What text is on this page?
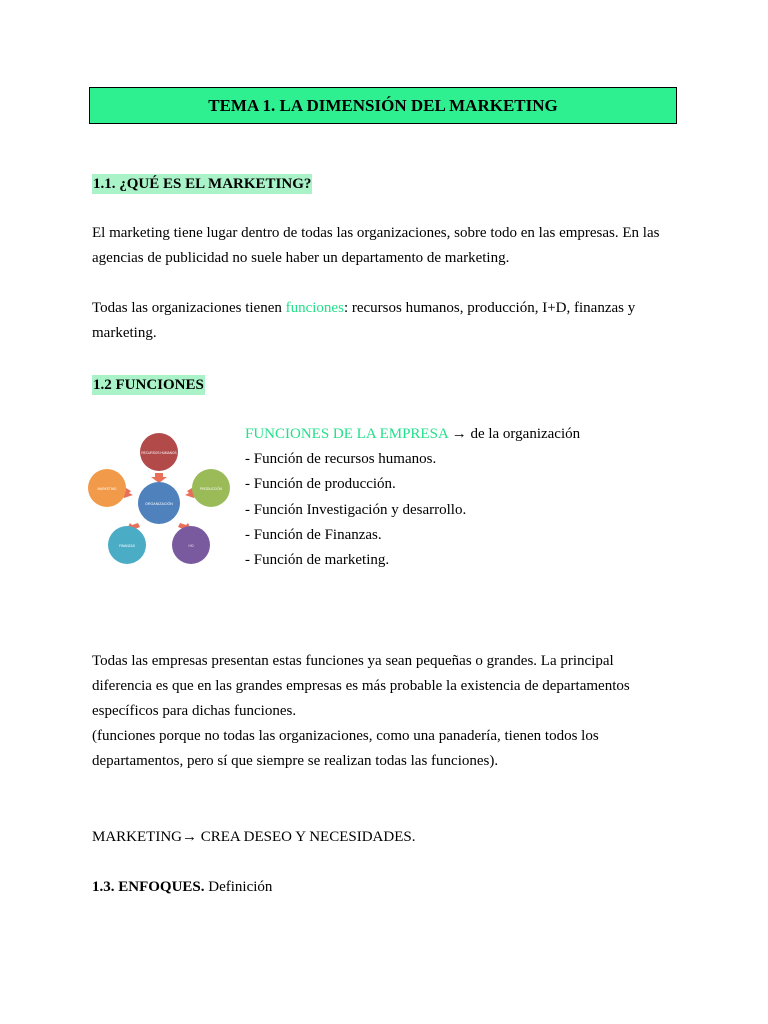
TEMA 1. LA DIMENSIÓN DEL MARKETING
1.1. ¿QUÉ ES EL MARKETING?

El marketing tiene lugar dentro de todas las organizaciones, sobre todo en las empresas. En las agencias de publicidad no suele haber un departamento de marketing.

Todas las organizaciones tienen funciones: recursos humanos, producción, I+D, finanzas y marketing.

1.2 FUNCIONES
ORGANIZACIÓN
RECURSOS HUMANOS
PRODUCCIÓN
I+D
FINANZAS
MARKETING
FUNCIONES DE LA EMPRESA → de la organización
- Función de recursos humanos.
- Función de producción.
- Función Investigación y desarrollo.
- Función de Finanzas.
- Función de marketing.

Todas las empresas presentan estas funciones ya sean pequeñas o grandes. La principal diferencia es que en las grandes empresas es más probable la existencia de departamentos específicos para dichas funciones.

(funciones porque no todas las organizaciones, como una panadería, tienen todos los departamentos, pero sí que siempre se realizan todas las funciones).

MARKETING→ CREA DESEO Y NECESIDADES.
1.3. ENFOQUES. Definición
